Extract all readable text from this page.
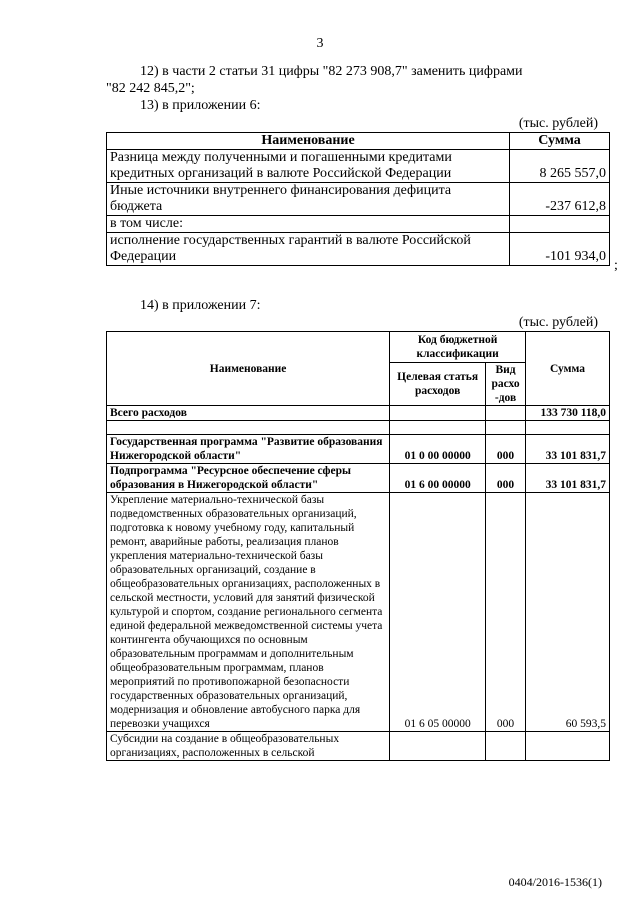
3
12) в части 2 статьи 31 цифры "82 273 908,7" заменить цифрами
"82 242 845,2";
13) в приложении 6:
(тыс. рублей)
Наименование	Сумма
Разница между полученными и погашенными кредитами кредитных организаций в валюте Российской Федерации	8 265 557,0
Иные источники внутреннего финансирования дефицита бюджета	-237 612,8
в том числе:	
исполнение государственных гарантий в валюте Российской Федерации	-101 934,0
;
14) в приложении 7:
(тыс. рублей)
Наименование	Код бюджетной классификации		Сумма
	Целевая статья расходов	Вид расхо -дов	
Всего расходов			133 730 118,0

Государственная программа "Развитие образования Нижегородской области"	01 0 00 00000	000	33 101 831,7
Подпрограмма "Ресурсное обеспечение сферы образования в Нижегородской области"	01 6 00 00000	000	33 101 831,7
Укрепление материально-технической базы подведомственных образовательных организаций, подготовка к новому учебному году, капитальный ремонт, аварийные работы, реализация планов укрепления материально-технической базы образовательных организаций, создание в общеобразовательных организациях, расположенных в сельской местности, условий для занятий физической культурой и спортом, создание регионального сегмента единой федеральной межведомственной системы учета контингента обучающихся по основным образовательным программам и дополнительным общеобразовательным программам, планов мероприятий по противопожарной безопасности государственных образовательных организаций, модернизация и обновление автобусного парка для перевозки учащихся	01 6 05 00000	000	60 593,5
Субсидии на создание в общеобразовательных организациях, расположенных в сельской			
0404/2016-1536(1)
